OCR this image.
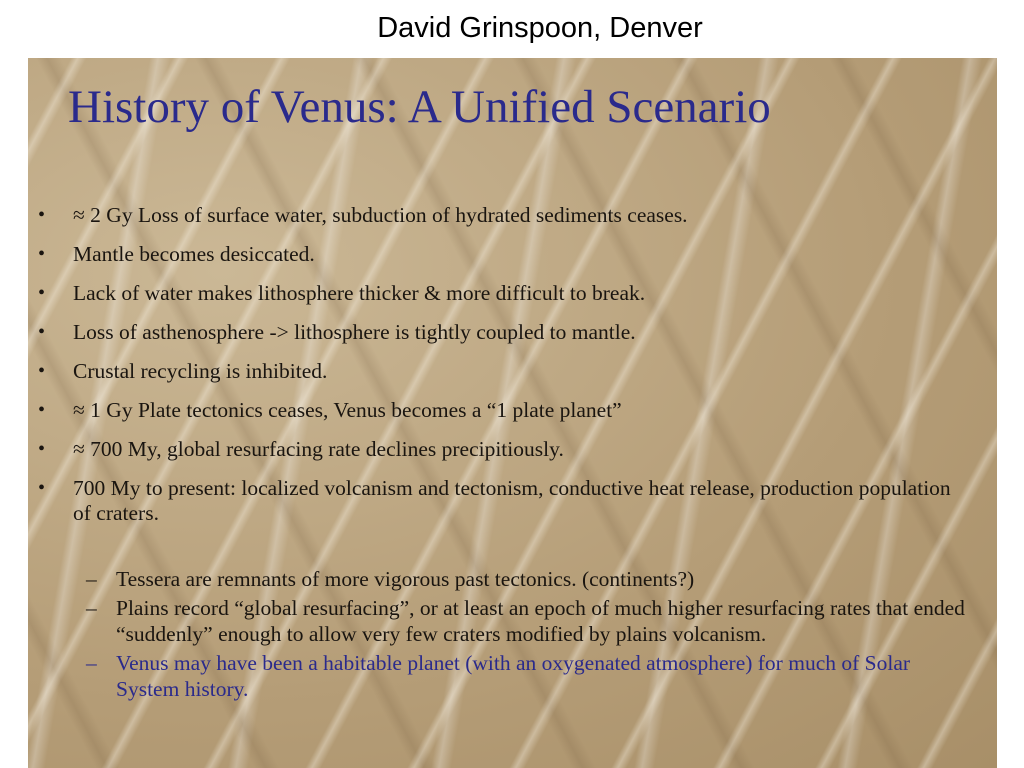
David Grinspoon, Denver
History of Venus: A Unified Scenario
• ≈ 2 Gy Loss of surface water, subduction of hydrated sediments ceases.
• Mantle becomes desiccated.
• Lack of water makes lithosphere thicker & more difficult to break.
• Loss of asthenosphere -> lithosphere is tightly coupled to mantle.
• Crustal recycling is inhibited.
• ≈ 1 Gy Plate tectonics ceases, Venus becomes a “1 plate planet”
• ≈ 700 My, global resurfacing rate declines precipitiously.
• 700 My to present: localized volcanism and tectonism, conductive heat release, production population of craters.
– Tessera are remnants of more vigorous past tectonics. (continents?)
– Plains record “global resurfacing”, or at least an epoch of much higher resurfacing rates that ended “suddenly” enough to allow very few craters modified by plains volcanism.
– Venus may have been a habitable planet (with an oxygenated atmosphere) for much of Solar System history.
